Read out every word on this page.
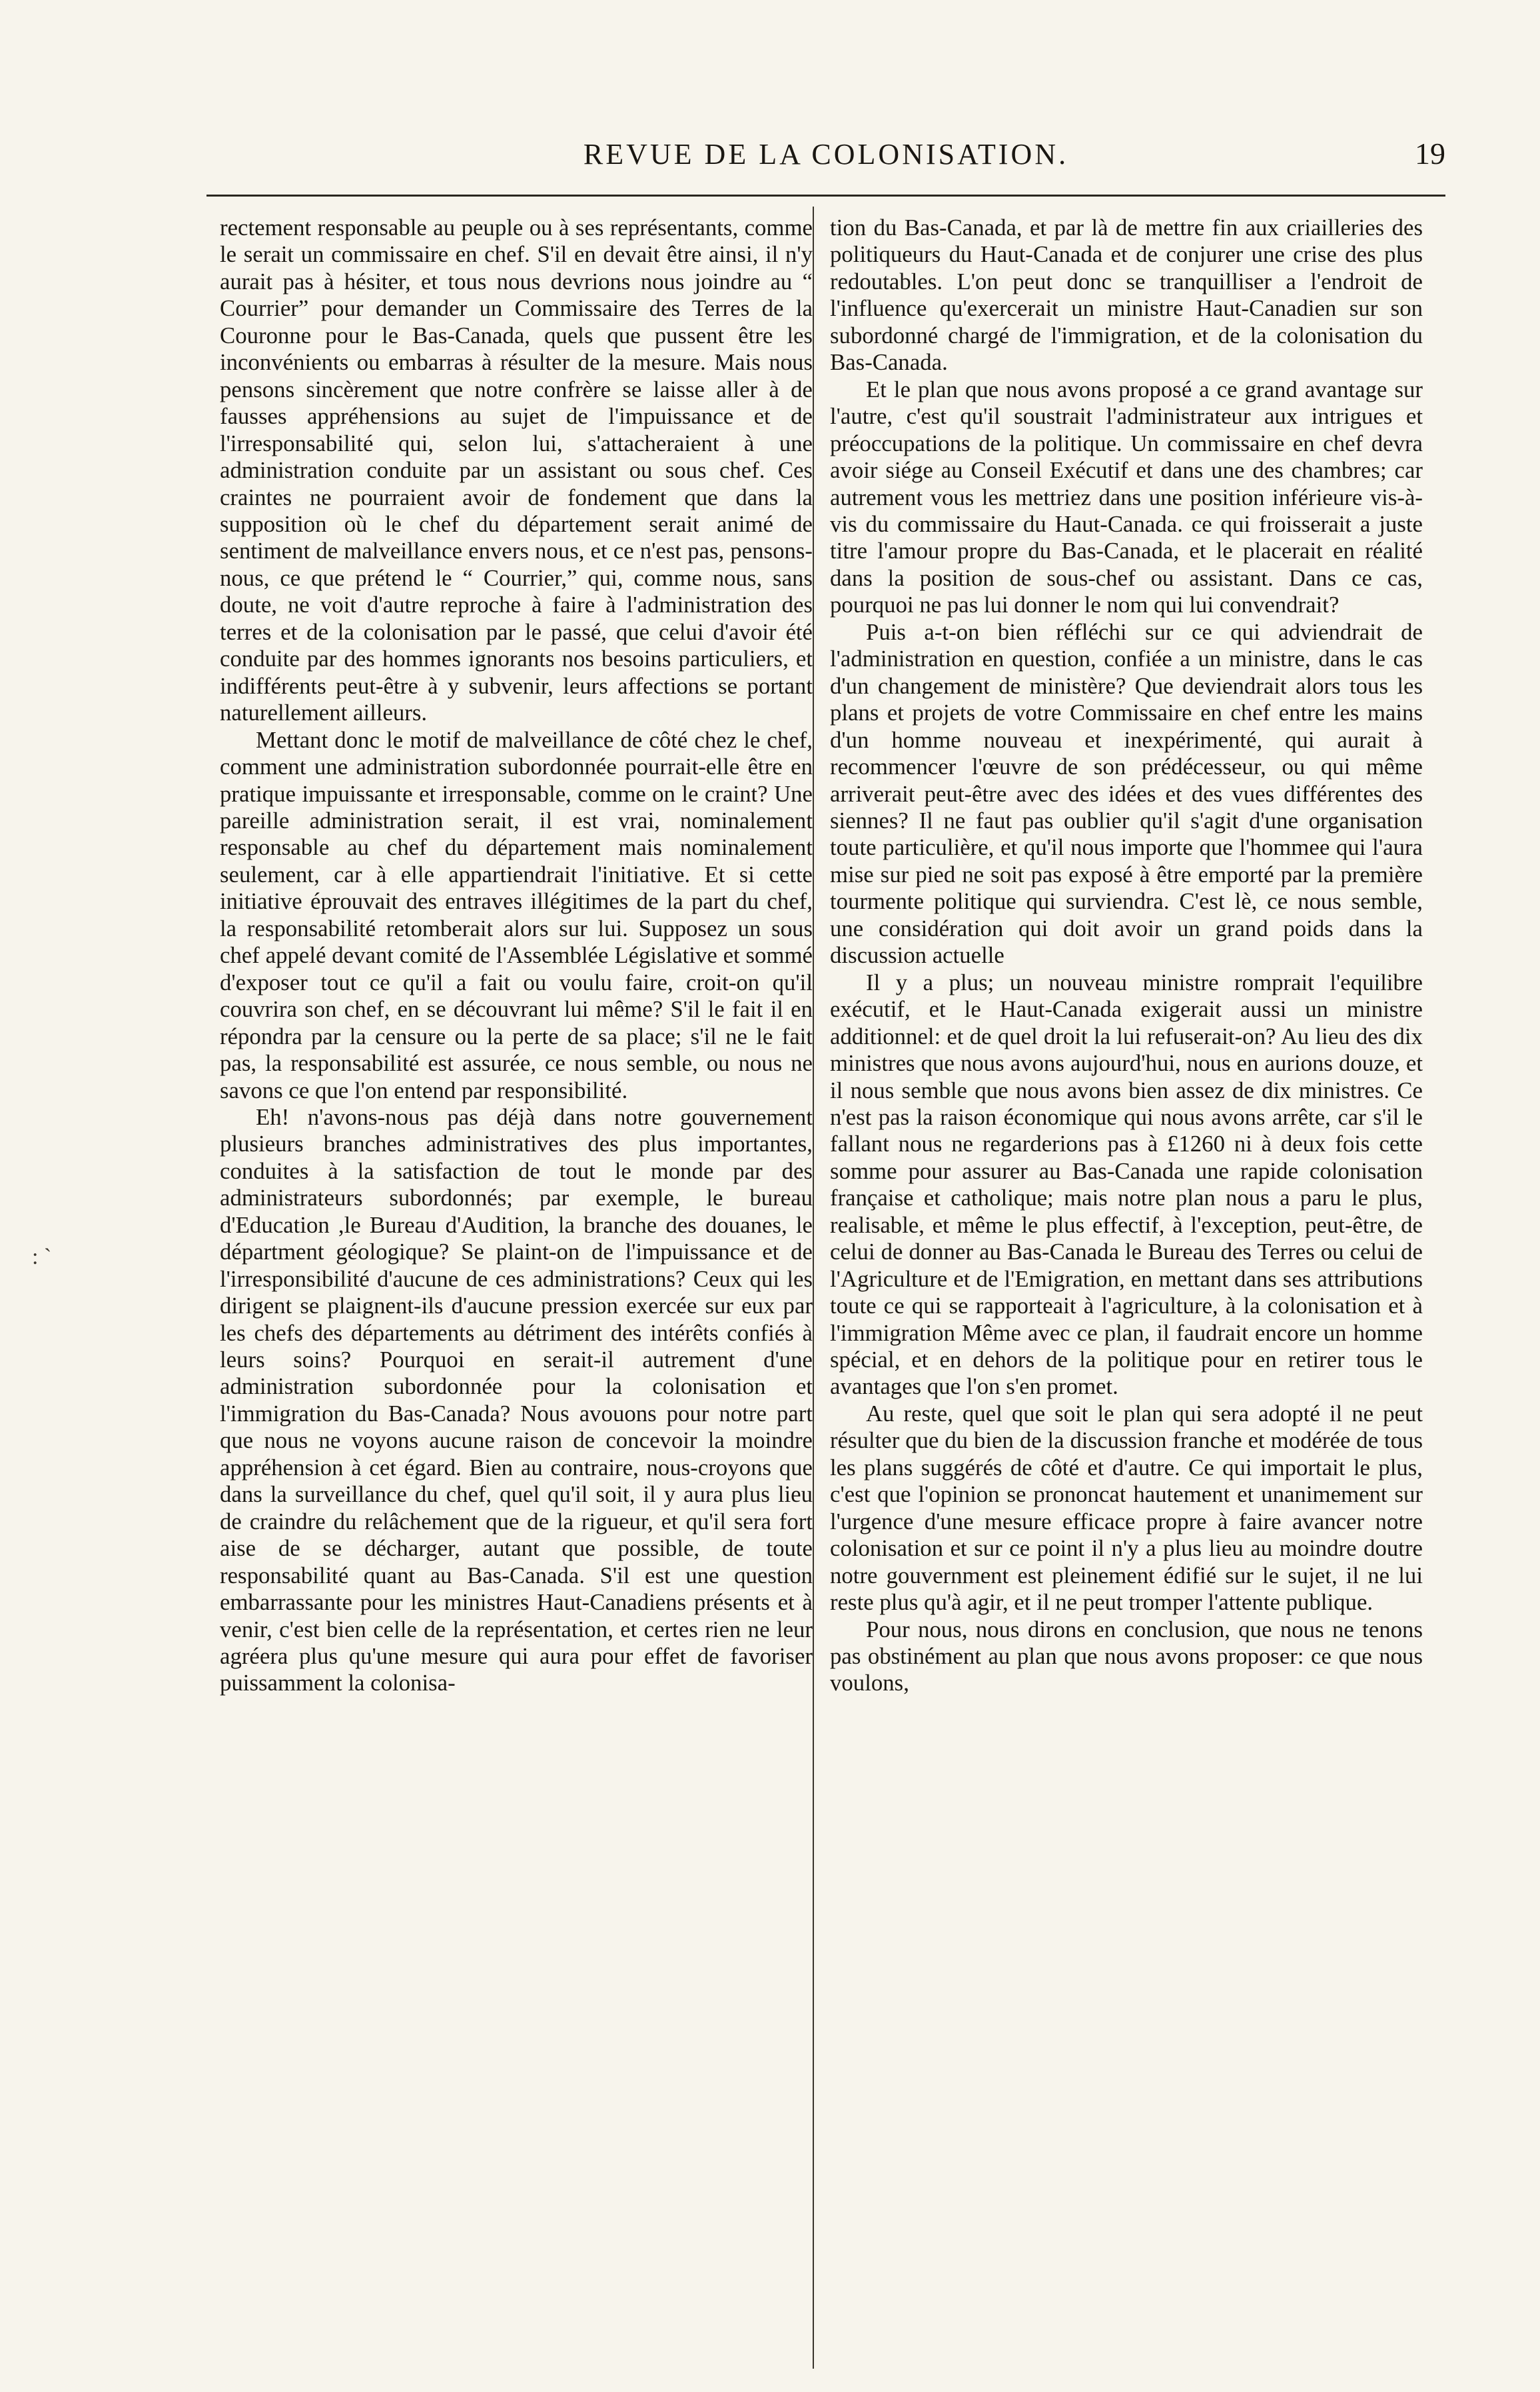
REVUE DE LA COLONISATION.	19
: `

rectement responsable au peuple ou à ses représentants, comme le serait un commissaire en chef. S'il en devait être ainsi, il n'y aurait pas à hésiter, et tous nous devrions nous joindre au “ Courrier” pour demander un Commissaire des Terres de la Couronne pour le Bas-Canada, quels que pussent être les inconvénients ou embarras à résulter de la mesure. Mais nous pensons sincèrement que notre confrère se laisse aller à de fausses appréhensions au sujet de l'impuissance et de l'irresponsabilité qui, selon lui, s'attacheraient à une administration conduite par un assistant ou sous chef. Ces craintes ne pourraient avoir de fondement que dans la supposition où le chef du département serait animé de sentiment de malveillance envers nous, et ce n'est pas, pensons-nous, ce que prétend le “ Courrier,” qui, comme nous, sans doute, ne voit d'autre reproche à faire à l'administration des terres et de la colonisation par le passé, que celui d'avoir été conduite par des hommes ignorants nos besoins particuliers, et indifférents peut-être à y subvenir, leurs affections se portant naturellement ailleurs.

Mettant donc le motif de malveillance de côté chez le chef, comment une administration subordonnée pourrait-elle être en pratique impuissante et irresponsable, comme on le craint? Une pareille administration serait, il est vrai, nominalement responsable au chef du département mais nominalement seulement, car à elle appartiendrait l'initiative. Et si cette initiative éprouvait des entraves illégitimes de la part du chef, la responsabilité retomberait alors sur lui. Supposez un sous chef appelé devant comité de l'Assemblée Législative et sommé d'exposer tout ce qu'il a fait ou voulu faire, croit-on qu'il couvrira son chef, en se découvrant lui même? S'il le fait il en répondra par la censure ou la perte de sa place; s'il ne le fait pas, la responsabilité est assurée, ce nous semble, ou nous ne savons ce que l'on entend par responsibilité.

Eh! n'avons-nous pas déjà dans notre gouvernement plusieurs branches administratives des plus importantes, conduites à la satisfaction de tout le monde par des administrateurs subordonnés; par exemple, le bureau d'Education ,le Bureau d'Audition, la branche des douanes, le départment géologique? Se plaint-on de l'impuissance et de l'irresponsibilité d'aucune de ces administrations? Ceux qui les dirigent se plaignent-ils d'aucune pression exercée sur eux par les chefs des départements au détriment des intérêts confiés à leurs soins? Pourquoi en serait-il autrement d'une administration subordonnée pour la colonisation et l'immigration du Bas-Canada? Nous avouons pour notre part que nous ne voyons aucune raison de concevoir la moindre appréhension à cet égard. Bien au contraire, nous-croyons que dans la surveillance du chef, quel qu'il soit, il y aura plus lieu de craindre du relâchement que de la rigueur, et qu'il sera fort aise de se décharger, autant que possible, de toute responsabilité quant au Bas-Canada. S'il est une question embarrassante pour les ministres Haut-Canadiens présents et à venir, c'est bien celle de la représentation, et certes rien ne leur agréera plus qu'une mesure qui aura pour effet de favoriser puissamment la colonisa-

tion du Bas-Canada, et par là de mettre fin aux criailleries des politiqueurs du Haut-Canada et de conjurer une crise des plus redoutables. L'on peut donc se tranquilliser a l'endroit de l'influence qu'exercerait un ministre Haut-Canadien sur son subordonné chargé de l'immigration, et de la colonisation du Bas-Canada.

Et le plan que nous avons proposé a ce grand avantage sur l'autre, c'est qu'il soustrait l'administrateur aux intrigues et préoccupations de la politique. Un commissaire en chef devra avoir siége au Conseil Exécutif et dans une des chambres; car autrement vous les mettriez dans une position inférieure vis-à-vis du commissaire du Haut-Canada. ce qui froisserait a juste titre l'amour propre du Bas-Canada, et le placerait en réalité dans la position de sous-chef ou assistant. Dans ce cas, pourquoi ne pas lui donner le nom qui lui convendrait?

Puis a-t-on bien réfléchi sur ce qui adviendrait de l'administration en question, confiée a un ministre, dans le cas d'un changement de ministère? Que deviendrait alors tous les plans et projets de votre Commissaire en chef entre les mains d'un homme nouveau et inexpérimenté, qui aurait à recommencer l'œuvre de son prédécesseur, ou qui même arriverait peut-être avec des idées et des vues différentes des siennes? Il ne faut pas oublier qu'il s'agit d'une organisation toute particulière, et qu'il nous importe que l'hommee qui l'aura mise sur pied ne soit pas exposé à être emporté par la première tourmente politique qui surviendra. C'est lè, ce nous semble, une considération qui doit avoir un grand poids dans la discussion actuelle

Il y a plus; un nouveau ministre romprait l'equilibre exécutif, et le Haut-Canada exigerait aussi un ministre additionnel: et de quel droit la lui refuserait-on? Au lieu des dix ministres que nous avons aujourd'hui, nous en aurions douze, et il nous semble que nous avons bien assez de dix ministres. Ce n'est pas la raison économique qui nous avons arrête, car s'il le fallant nous ne regarderions pas à £1260 ni à deux fois cette somme pour assurer au Bas-Canada une rapide colonisation française et catholique; mais notre plan nous a paru le plus, realisable, et même le plus effectif, à l'exception, peut-être, de celui de donner au Bas-Canada le Bureau des Terres ou celui de l'Agriculture et de l'Emigration, en mettant dans ses attributions toute ce qui se rapporteait à l'agriculture, à la colonisation et à l'immigration Même avec ce plan, il faudrait encore un homme spécial, et en dehors de la politique pour en retirer tous le avantages que l'on s'en promet.

Au reste, quel que soit le plan qui sera adopté il ne peut résulter que du bien de la discussion franche et modérée de tous les plans suggérés de côté et d'autre. Ce qui importait le plus, c'est que l'opinion se prononcat hautement et unanimement sur l'urgence d'une mesure efficace propre à faire avancer notre colonisation et sur ce point il n'y a plus lieu au moindre doutre notre gouvernment est pleinement édifié sur le sujet, il ne lui reste plus qu'à agir, et il ne peut tromper l'attente publique.

Pour nous, nous dirons en conclusion, que nous ne tenons pas obstinément au plan que nous avons proposer: ce que nous voulons,
